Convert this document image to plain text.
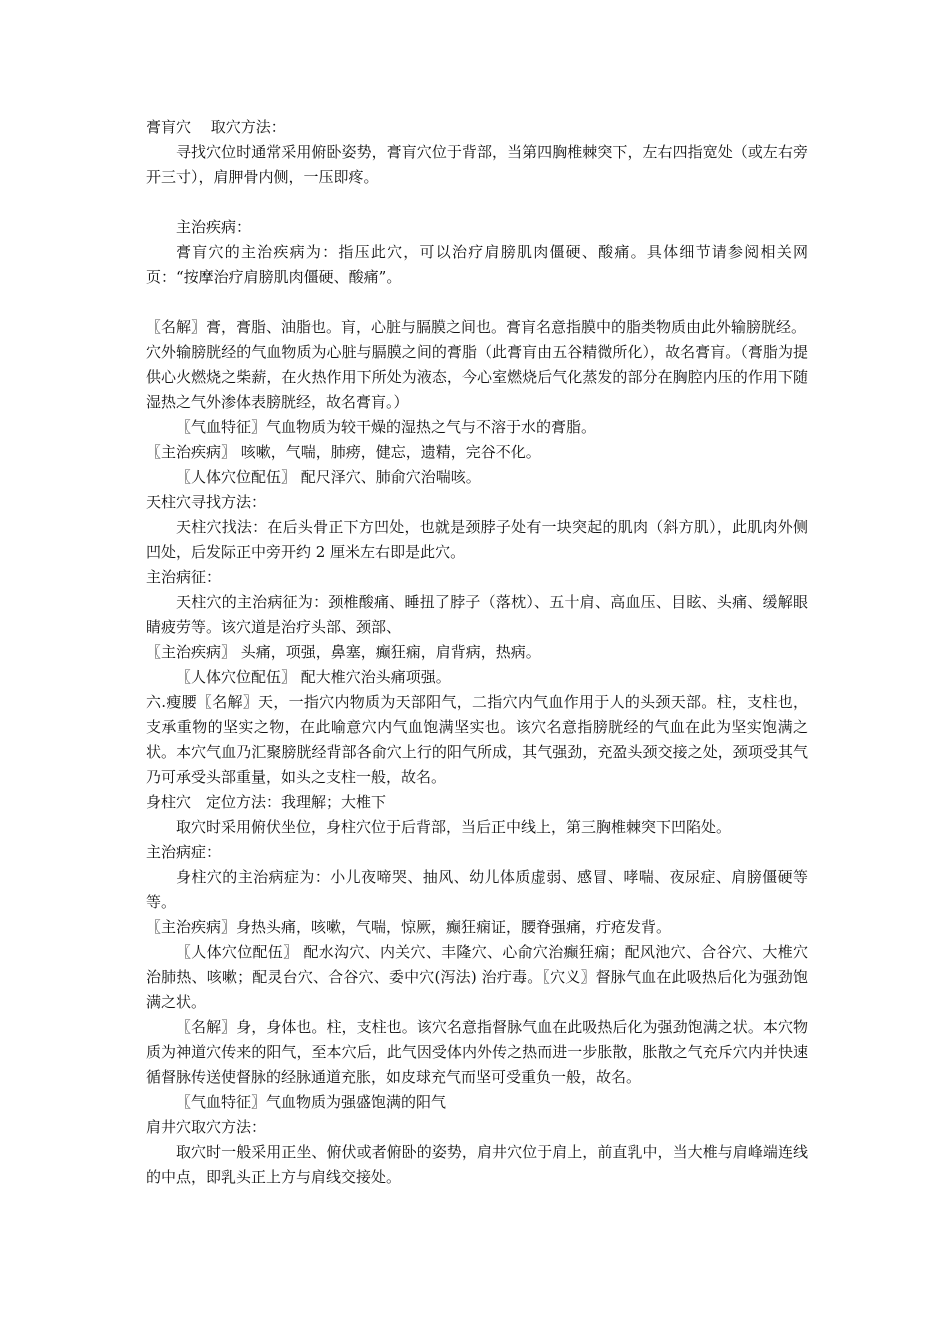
膏肓穴　 取穴方法：

寻找穴位时通常采用俯卧姿势，膏肓穴位于背部，当第四胸椎棘突下，左右四指宽处（或左右旁开三寸），肩胛骨内侧，一压即疼。

主治疾病：

膏肓穴的主治疾病为：指压此穴，可以治疗肩膀肌肉僵硬、酸痛。具体细节请参阅相关网页：“按摩治疗肩膀肌肉僵硬、酸痛”。

〖名解〗膏，膏脂、油脂也。肓，心脏与膈膜之间也。膏肓名意指膜中的脂类物质由此外输膀胱经。

穴外输膀胱经的气血物质为心脏与膈膜之间的膏脂（此膏肓由五谷精微所化），故名膏肓。（膏脂为提供心火燃烧之柴薪，在火热作用下所处为液态，今心室燃烧后气化蒸发的部分在胸腔内压的作用下随湿热之气外渗体表膀胱经，故名膏肓。）

〖气血特征〗气血物质为较干燥的湿热之气与不溶于水的膏脂。

〖主治疾病〗 咳嗽，气喘，肺痨，健忘，遗精，完谷不化。

〖人体穴位配伍〗 配尺泽穴、肺俞穴治喘咳。

天柱穴寻找方法：

天柱穴找法：在后头骨正下方凹处，也就是颈脖子处有一块突起的肌肉（斜方肌），此肌肉外侧凹处，后发际正中旁开约 2 厘米左右即是此穴。

主治病征：

天柱穴的主治病征为：颈椎酸痛、睡扭了脖子（落枕）、五十肩、高血压、目眩、头痛、缓解眼睛疲劳等。该穴道是治疗头部、颈部、

〖主治疾病〗 头痛，项强，鼻塞，癫狂痫，肩背病，热病。

〖人体穴位配伍〗 配大椎穴治头痛项强。

六.瘦腰〖名解〗天，一指穴内物质为天部阳气，二指穴内气血作用于人的头颈天部。柱，支柱也，支承重物的坚实之物，在此喻意穴内气血饱满坚实也。该穴名意指膀胱经的气血在此为坚实饱满之状。本穴气血乃汇聚膀胱经背部各俞穴上行的阳气所成，其气强劲，充盈头颈交接之处，颈项受其气乃可承受头部重量，如头之支柱一般，故名。

身柱穴　定位方法：我理解；大椎下

取穴时采用俯伏坐位，身柱穴位于后背部，当后正中线上，第三胸椎棘突下凹陷处。

主治病症：

身柱穴的主治病症为：小儿夜啼哭、抽风、幼儿体质虚弱、感冒、哮喘、夜尿症、肩膀僵硬等等。

〖主治疾病〗身热头痛，咳嗽，气喘，惊厥，癫狂痫证，腰脊强痛，疔疮发背。

〖人体穴位配伍〗 配水沟穴、内关穴、丰隆穴、心俞穴治癫狂痫；配风池穴、合谷穴、大椎穴治肺热、咳嗽；配灵台穴、合谷穴、委中穴(泻法) 治疔毒。〖穴义〗督脉气血在此吸热后化为强劲饱满之状。

〖名解〗身，身体也。柱，支柱也。该穴名意指督脉气血在此吸热后化为强劲饱满之状。本穴物质为神道穴传来的阳气，至本穴后，此气因受体内外传之热而进一步胀散，胀散之气充斥穴内并快速循督脉传送使督脉的经脉通道充胀，如皮球充气而坚可受重负一般，故名。

〖气血特征〗气血物质为强盛饱满的阳气

肩井穴取穴方法：

取穴时一般采用正坐、俯伏或者俯卧的姿势，肩井穴位于肩上，前直乳中，当大椎与肩峰端连线的中点，即乳头正上方与肩线交接处。
